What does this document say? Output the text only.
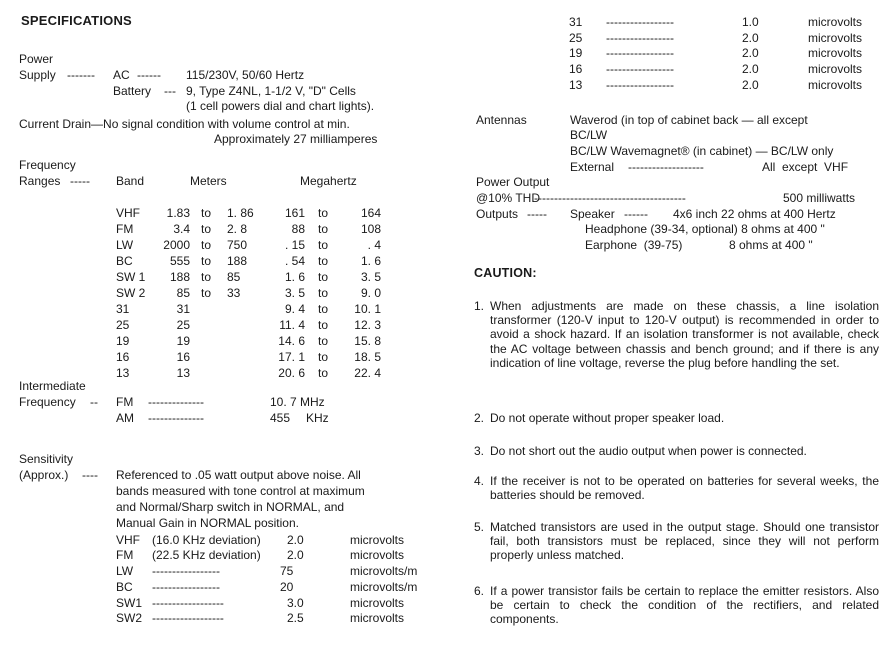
SPECIFICATIONS
Power
Supply ------- AC ------ 115/230V, 50/60 Hertz
Battery --- 9, Type Z4NL, 1-1/2 V, "D" Cells
(1 cell powers dial and chart lights).
Current Drain—No signal condition with volume control at min.
Approximately 27 milliamperes
Frequency
Ranges ----- Band	Meters	Megahertz
VHF	1.83 to 1. 86	161 to	164
FM	3.4 to 2. 8	88 to	108
LW	2000 to 750	. 15 to	. 4
BC	555 to 188	. 54 to	1. 6
SW 1	188 to 85	1. 6 to	3. 5
SW 2	85 to 33	3. 5 to	9. 0
31	31	9. 4 to	10. 1
25	25	11. 4 to	12. 3
19	19	14. 6 to	15. 8
16	16	17. 1 to	18. 5
13	13	20. 6 to	22. 4
Intermediate
Frequency -- FM --------------	10. 7 MHz
AM --------------	455 KHz
Sensitivity
(Approx.) ---- Referenced to .05 watt output above noise. All
bands measured with tone control at maximum
and Normal/Sharp switch in NORMAL, and
Manual Gain in NORMAL position.
VHF (16.0 KHz deviation) 2.0	microvolts
FM (22.5 KHz deviation) 2.0	microvolts
LW -----------------	75	microvolts/m
BC -----------------	20	microvolts/m
SW1 ------------------	3.0	microvolts
SW2 ------------------	2.5	microvolts
31 -----------------	1.0	microvolts
25 -----------------	2.0	microvolts
19 -----------------	2.0	microvolts
16 -----------------	2.0	microvolts
13 -----------------	2.0	microvolts
Antennas	Waverod (in top of cabinet back — all except
BC/LW
BC/LW Wavemagnet® (in cabinet) — BC/LW only
External -------------------	All  except  VHF
Power Output
@10% THD
--------------------------------------	500 milliwatts
Outputs ----- Speaker ------ 4x6 inch 22 ohms at 400 Hertz
Headphone (39-34, optional) 8 ohms at 400 "
Earphone  (39-75)	8 ohms at 400 "
CAUTION:
1. When adjustments are made on these chassis, a line isolation transformer (120-V input to 120-V output) is recommended in order to avoid a shock hazard. If an isolation transformer is not available, check the AC voltage between chassis and bench ground; and if there is any indication of line voltage, reverse the plug before handling the set.
2. Do not operate without proper speaker load.
3. Do not short out the audio output when power is connected.
4. If the receiver is not to be operated on batteries for several weeks, the batteries should be removed.
5. Matched transistors are used in the output stage. Should one transistor fail, both transistors must be replaced, since they will not perform properly unless matched.
6. If a power transistor fails be certain to replace the emitter resistors. Also be certain to check the condition of the rectifiers, and related components.
